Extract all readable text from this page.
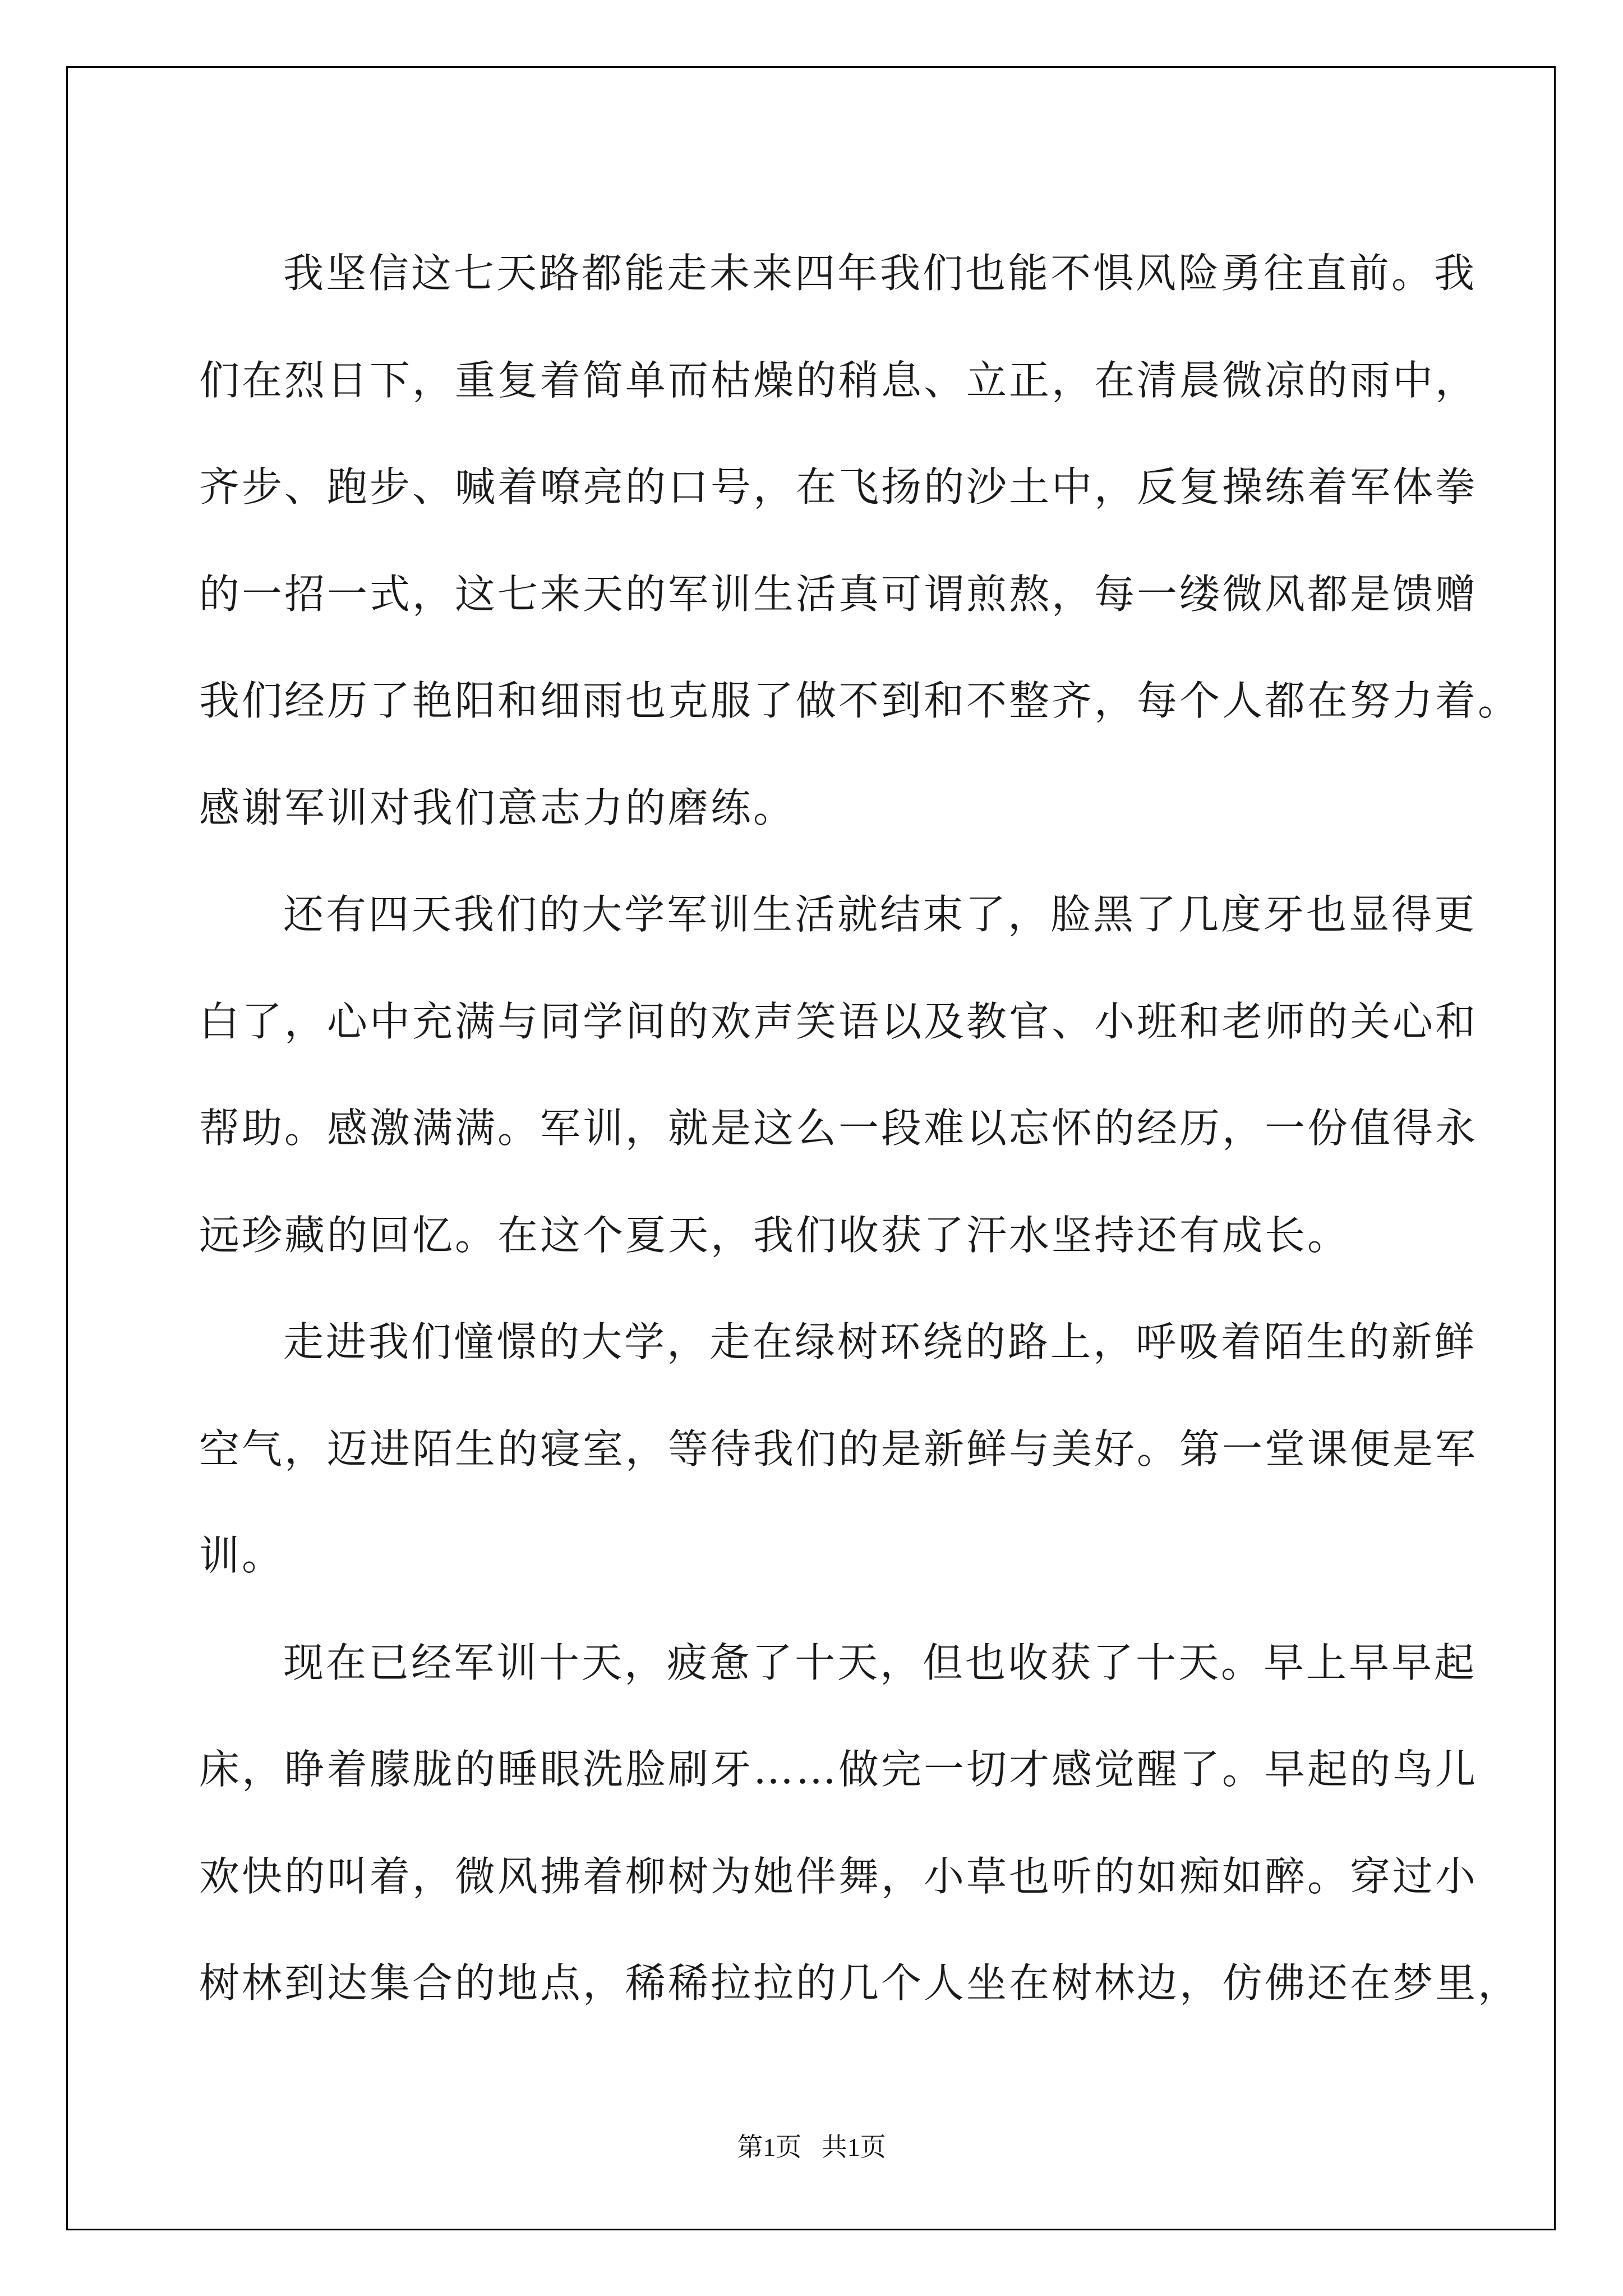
我坚信这七天路都能走未来四年我们也能不惧风险勇往直前。我
们在烈日下，重复着简单而枯燥的稍息、立正，在清晨微凉的雨中，
齐步、跑步、喊着嘹亮的口号，在飞扬的沙土中，反复操练着军体拳
的一招一式，这七来天的军训生活真可谓煎熬，每一缕微风都是馈赠
我们经历了艳阳和细雨也克服了做不到和不整齐，每个人都在努力着。
感谢军训对我们意志力的磨练。

还有四天我们的大学军训生活就结束了，脸黑了几度牙也显得更
白了，心中充满与同学间的欢声笑语以及教官、小班和老师的关心和
帮助。感激满满。军训，就是这么一段难以忘怀的经历，一份值得永
远珍藏的回忆。在这个夏天，我们收获了汗水坚持还有成长。

走进我们憧憬的大学，走在绿树环绕的路上，呼吸着陌生的新鲜
空气，迈进陌生的寝室，等待我们的是新鲜与美好。第一堂课便是军
训。

现在已经军训十天，疲惫了十天，但也收获了十天。早上早早起
床，睁着朦胧的睡眼洗脸刷牙……做完一切才感觉醒了。早起的鸟儿
欢快的叫着，微风拂着柳树为她伴舞，小草也听的如痴如醉。穿过小
树林到达集合的地点，稀稀拉拉的几个人坐在树林边，仿佛还在梦里，

第1页 共1页
